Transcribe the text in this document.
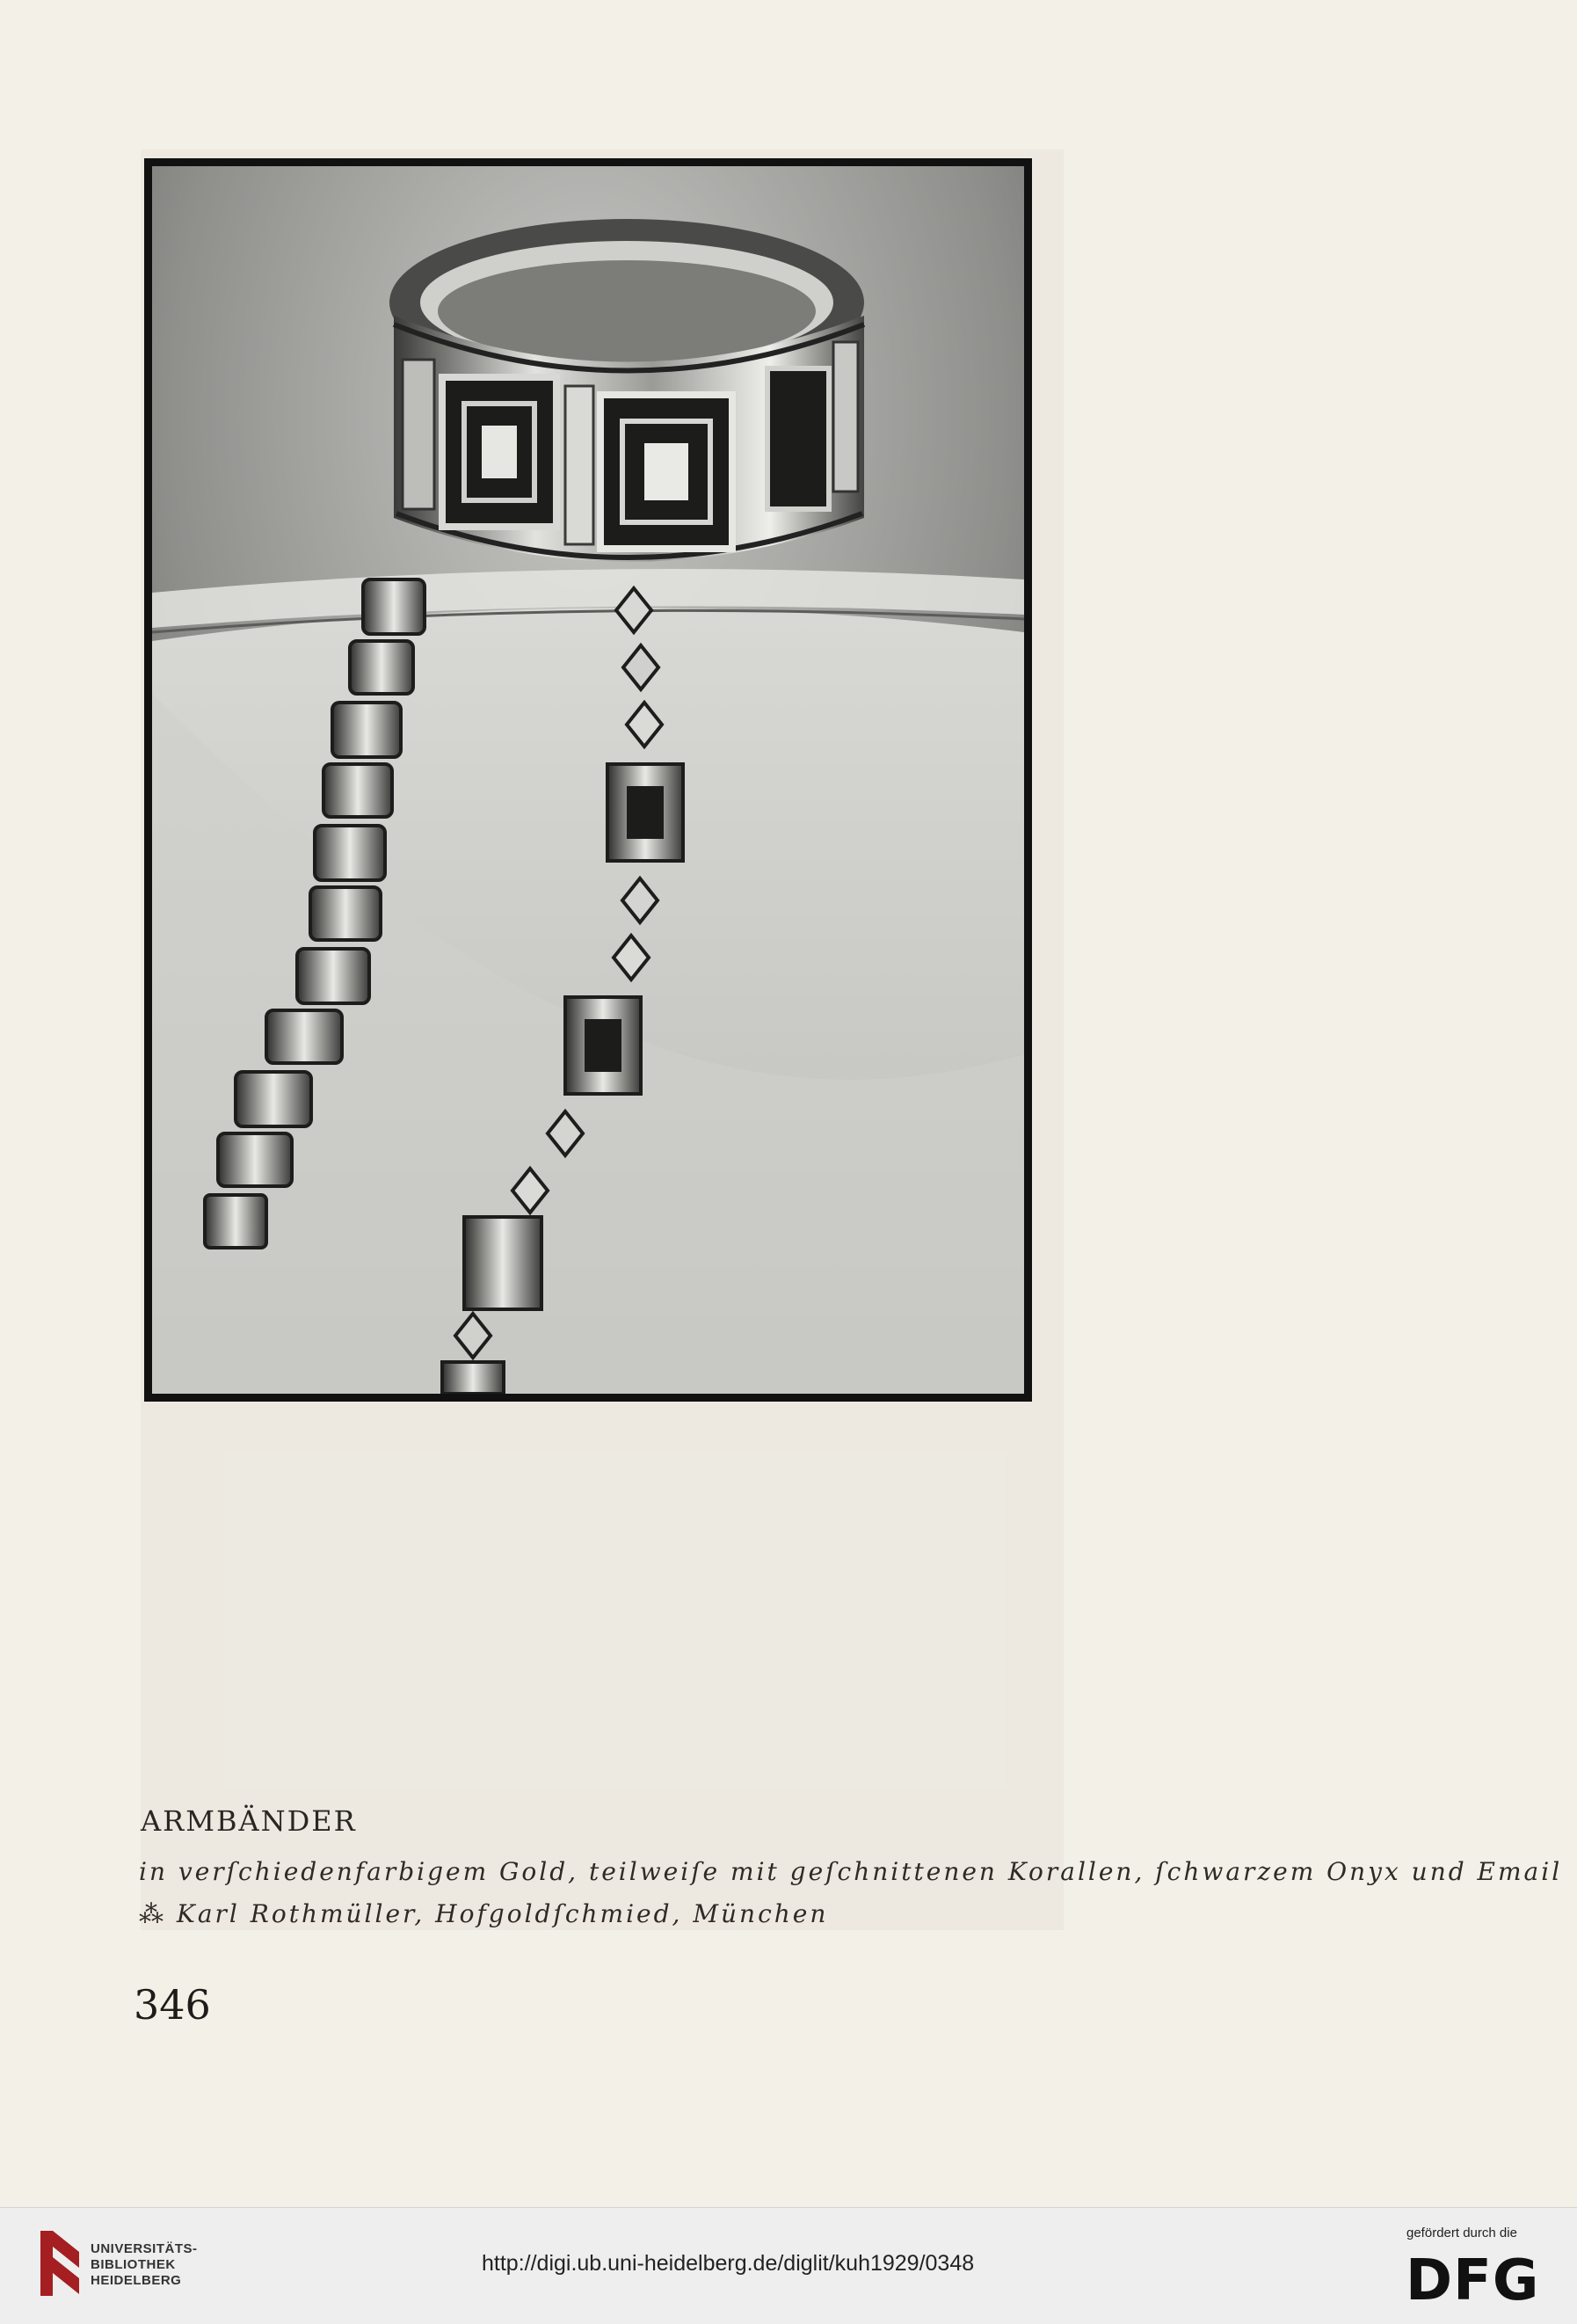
ARMBÄNDER
in verſchiedenfarbigem Gold, teilweiſe mit geſchnittenen Korallen, ſchwarzem Onyx und Email
⁂ Karl Rothmüller, Hofgoldſchmied, München
346
UNIVERSITÄTS-
BIBLIOTHEK
HEIDELBERG
http://digi.ub.uni-heidelberg.de/diglit/kuh1929/0348
gefördert durch die
DFG
